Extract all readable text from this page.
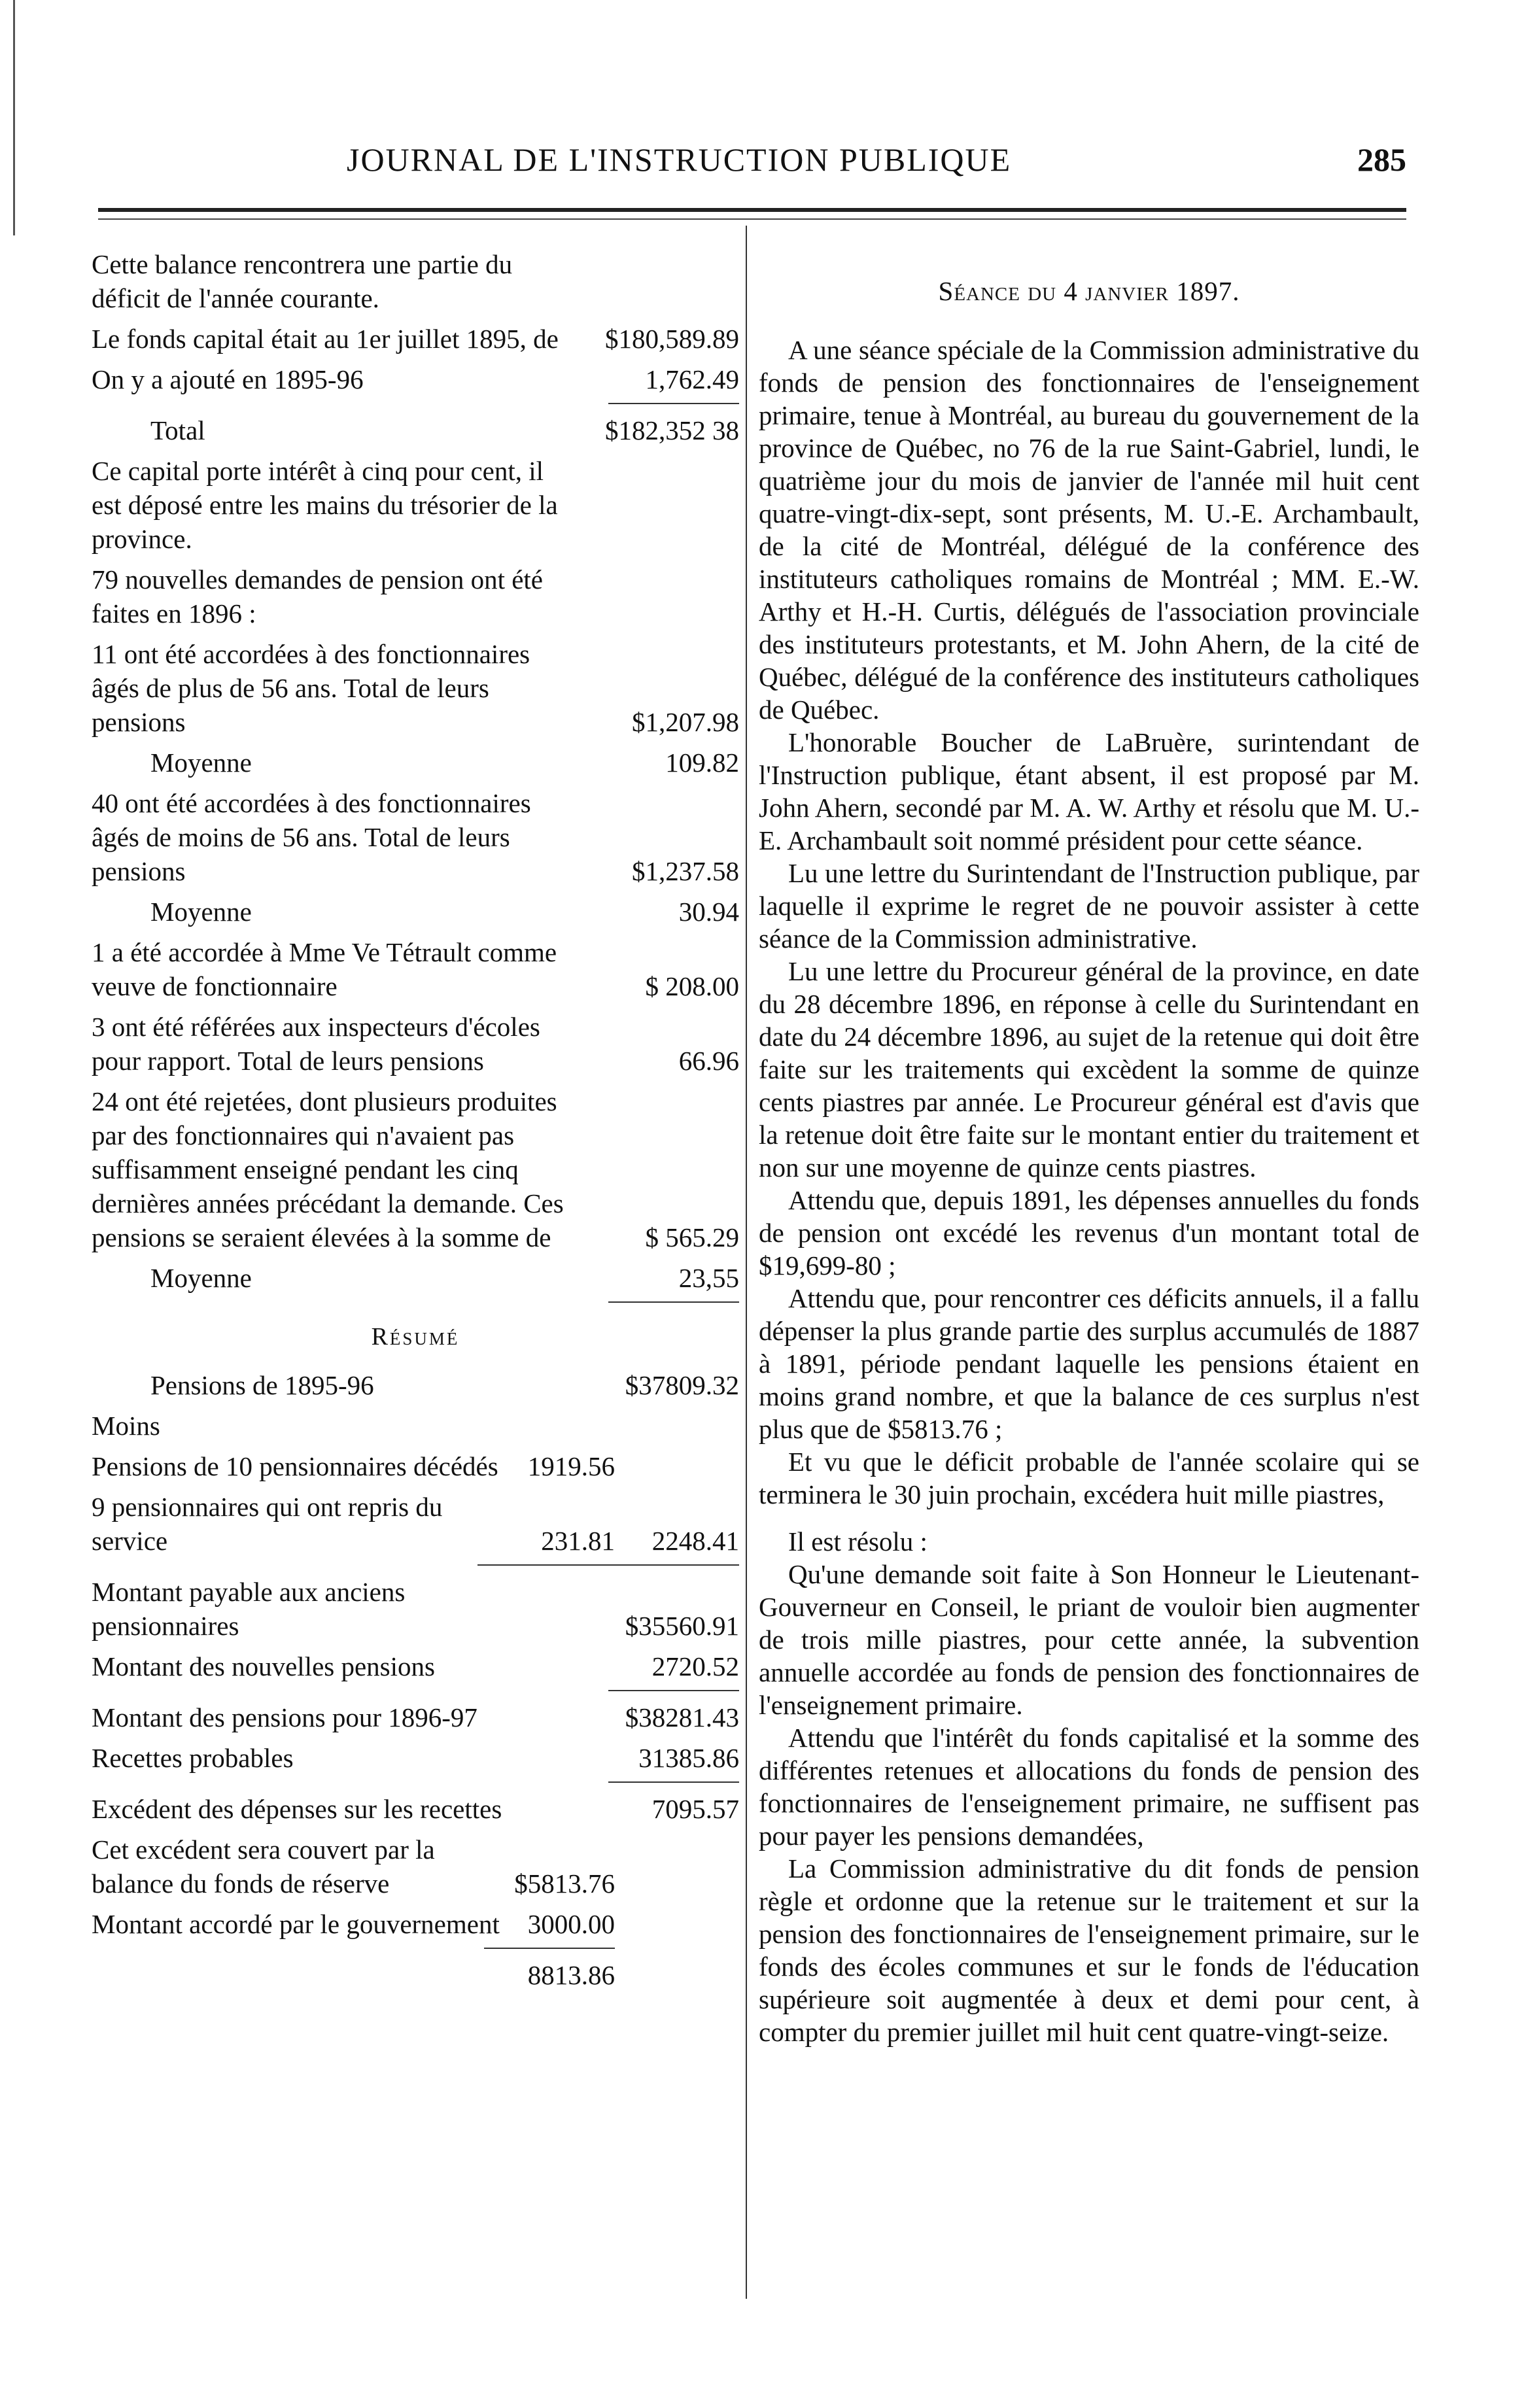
JOURNAL DE L'INSTRUCTION PUBLIQUE	285
Cette balance rencontrera une partie du déficit de l'année courante.
Le fonds capital était au 1er juillet 1895, de	$180,589.89
On y a ajouté en 1895-96	1,762.49
Total	$182,352 38
Ce capital porte intérêt à cinq pour cent, il est déposé entre les mains du trésorier de la province.
79 nouvelles demandes de pension ont été faites en 1896 :
11 ont été accordées à des fonctionnaires âgés de plus de 56 ans. Total de leurs pensions	$1,207.98
Moyenne	109.82
40 ont été accordées à des fonctionnaires âgés de moins de 56 ans. Total de leurs pensions	$1,237.58
Moyenne	30.94
1 a été accordée à Mme Ve Tétrault comme veuve de fonctionnaire	$ 208.00
3 ont été référées aux inspecteurs d'écoles pour rapport. Total de leurs pensions	66.96
24 ont été rejetées, dont plusieurs produites par des fonctionnaires qui n'avaient pas suffisamment enseigné pendant les cinq dernières années précédant la demande. Ces pensions se seraient élevées à la somme de	$ 565.29
Moyenne	23,55
Résumé
Pensions de 1895-96	$37809.32
Moins
Pensions de 10 pensionnaires décédés	1919.56
9 pensionnaires qui ont repris du service	231.81	2248.41
Montant payable aux anciens pensionnaires	$35560.91
Montant des nouvelles pensions	2720.52
Montant des pensions pour 1896-97	$38281.43
Recettes probables	31385.86
Excédent des dépenses sur les recettes	7095.57
Cet excédent sera couvert par la balance du fonds de réserve	$5813.76
Montant accordé par le gouvernement	3000.00

8813.86
Séance du 4 janvier 1897.

A une séance spéciale de la Commission administrative du fonds de pension des fonctionnaires de l'enseignement primaire, tenue à Montréal, au bureau du gouvernement de la province de Québec, no 76 de la rue Saint-Gabriel, lundi, le quatrième jour du mois de janvier de l'année mil huit cent quatre-vingt-dix-sept, sont présents, M. U.-E. Archambault, de la cité de Montréal, délégué de la conférence des instituteurs catholiques romains de Montréal ; MM. E.-W. Arthy et H.-H. Curtis, délégués de l'association provinciale des instituteurs protestants, et M. John Ahern, de la cité de Québec, délégué de la conférence des instituteurs catholiques de Québec.

L'honorable Boucher de LaBruère, surintendant de l'Instruction publique, étant absent, il est proposé par M. John Ahern, secondé par M. A. W. Arthy et résolu que M. U.-E. Archambault soit nommé président pour cette séance.

Lu une lettre du Surintendant de l'Instruction publique, par laquelle il exprime le regret de ne pouvoir assister à cette séance de la Commission administrative.

Lu une lettre du Procureur général de la province, en date du 28 décembre 1896, en réponse à celle du Surintendant en date du 24 décembre 1896, au sujet de la retenue qui doit être faite sur les traitements qui excèdent la somme de quinze cents piastres par année. Le Procureur général est d'avis que la retenue doit être faite sur le montant entier du traitement et non sur une moyenne de quinze cents piastres.

Attendu que, depuis 1891, les dépenses annuelles du fonds de pension ont excédé les revenus d'un montant total de $19,699-80 ;

Attendu que, pour rencontrer ces déficits annuels, il a fallu dépenser la plus grande partie des surplus accumulés de 1887 à 1891, période pendant laquelle les pensions étaient en moins grand nombre, et que la balance de ces surplus n'est plus que de $5813.76 ;

Et vu que le déficit probable de l'année scolaire qui se terminera le 30 juin prochain, excédera huit mille piastres,

Il est résolu :

Qu'une demande soit faite à Son Honneur le Lieutenant-Gouverneur en Conseil, le priant de vouloir bien augmenter de trois mille piastres, pour cette année, la subvention annuelle accordée au fonds de pension des fonctionnaires de l'enseignement primaire.

Attendu que l'intérêt du fonds capitalisé et la somme des différentes retenues et allocations du fonds de pension des fonctionnaires de l'enseignement primaire, ne suffisent pas pour payer les pensions demandées,

La Commission administrative du dit fonds de pension règle et ordonne que la retenue sur le traitement et sur la pension des fonctionnaires de l'enseignement primaire, sur le fonds des écoles communes et sur le fonds de l'éducation supérieure soit augmentée à deux et demi pour cent, à compter du premier juillet mil huit cent quatre-vingt-seize.
